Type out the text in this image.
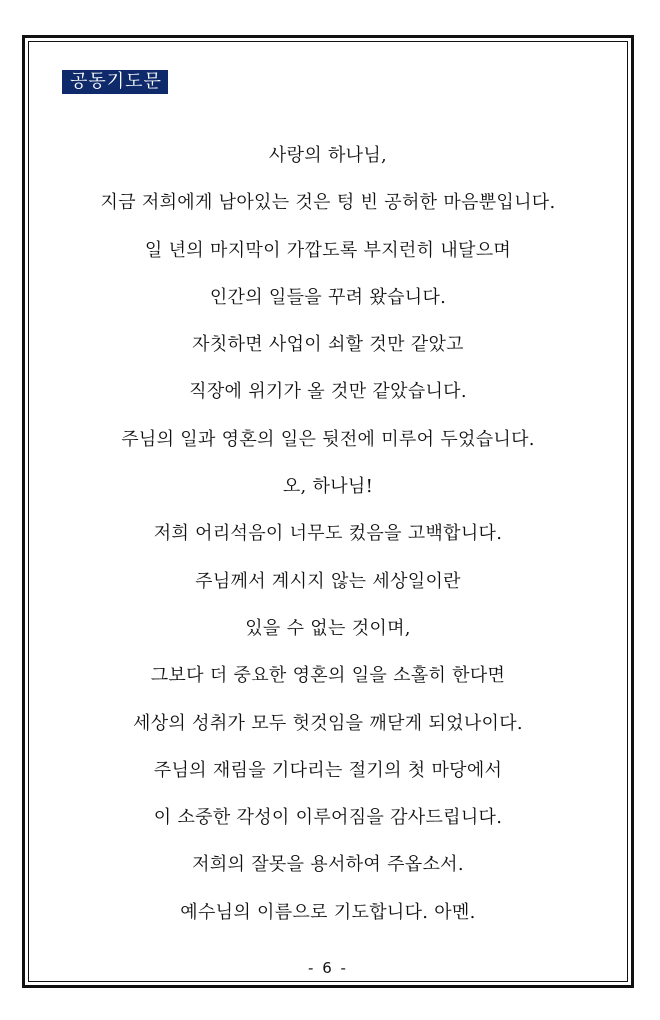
공동기도문
사랑의 하나님,
지금 저희에게 남아있는 것은 텅 빈 공허한 마음뿐입니다.
일 년의 마지막이 가깝도록 부지런히 내달으며
인간의 일들을 꾸려 왔습니다.
자칫하면 사업이 쇠할 것만 같았고
직장에 위기가 올 것만 같았습니다.
주님의 일과 영혼의 일은 뒷전에 미루어 두었습니다.
오, 하나님!
저희 어리석음이 너무도 컸음을 고백합니다.
주님께서 계시지 않는 세상일이란
있을 수 없는 것이며,
그보다 더 중요한 영혼의 일을 소홀히 한다면
세상의 성취가 모두 헛것임을 깨닫게 되었나이다.
주님의 재림을 기다리는 절기의 첫 마당에서
이 소중한 각성이 이루어짐을 감사드립니다.
저희의 잘못을 용서하여 주옵소서.
예수님의 이름으로 기도합니다. 아멘.
- 6 -
